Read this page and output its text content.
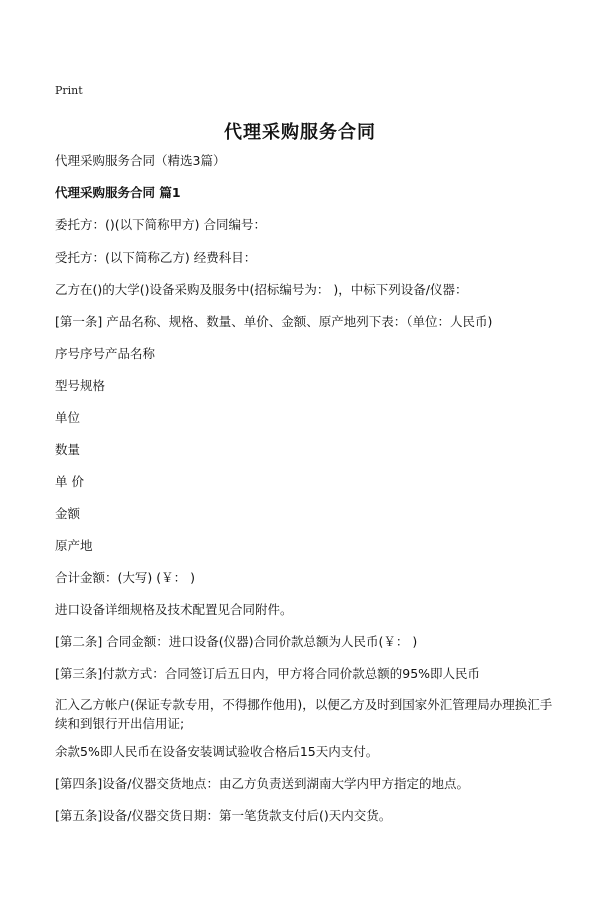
Print
代理采购服务合同
代理采购服务合同（精选3篇）
代理采购服务合同 篇1
委托方：()(以下简称甲方) 合同编号：
受托方：(以下简称乙方) 经费科目：
乙方在()的大学()设备采购及服务中(招标编号为： )，中标下列设备/仪器：
[第一条] 产品名称、规格、数量、单价、金额、原产地列下表：（单位：人民币)
序号序号产品名称
型号规格
单位
数量
单 价
金额
原产地
合计金额：(大写) (￥： )
进口设备详细规格及技术配置见合同附件。
[第二条] 合同金额：进口设备(仪器)合同价款总额为人民币(￥： )
[第三条]付款方式：合同签订后五日内，甲方将合同价款总额的95%即人民币
汇入乙方帐户(保证专款专用，不得挪作他用)，以便乙方及时到国家外汇管理局办理换汇手续和到银行开出信用证;
余款5%即人民币在设备安装调试验收合格后15天内支付。
[第四条]设备/仪器交货地点：由乙方负责送到湖南大学内甲方指定的地点。
[第五条]设备/仪器交货日期：第一笔货款支付后()天内交货。
